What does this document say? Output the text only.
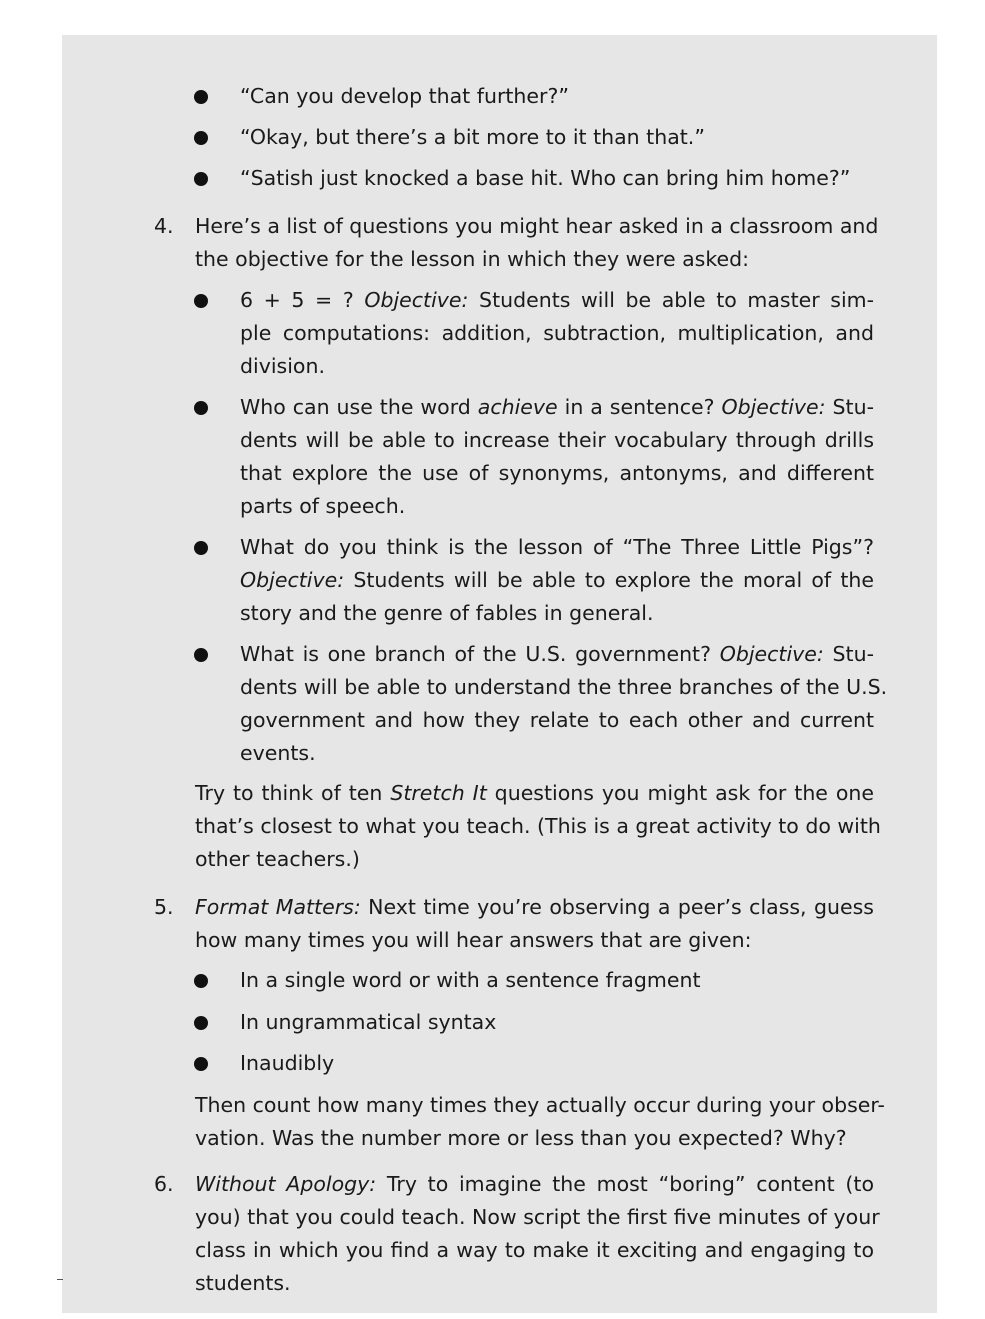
“Can you develop that further?”
“Okay, but there’s a bit more to it than that.”
“Satish just knocked a base hit. Who can bring him home?”
4. Here’s a list of questions you might hear asked in a classroom and
the objective for the lesson in which they were asked:
6 + 5 = ? Objective: Students will be able to master sim-
ple computations: addition, subtraction, multiplication, and
division.
Who can use the word achieve in a sentence? Objective: Stu-
dents will be able to increase their vocabulary through drills
that explore the use of synonyms, antonyms, and different
parts of speech.
What do you think is the lesson of “The Three Little Pigs”?
Objective: Students will be able to explore the moral of the
story and the genre of fables in general.
What is one branch of the U.S. government? Objective: Stu-
dents will be able to understand the three branches of the U.S.
government and how they relate to each other and current
events.
Try to think of ten Stretch It questions you might ask for the one
that’s closest to what you teach. (This is a great activity to do with
other teachers.)
5. Format Matters: Next time you’re observing a peer’s class, guess
how many times you will hear answers that are given:
In a single word or with a sentence fragment
In ungrammatical syntax
Inaudibly
Then count how many times they actually occur during your obser-
vation. Was the number more or less than you expected? Why?
6. Without Apology: Try to imagine the most “boring” content (to
you) that you could teach. Now script the first five minutes of your
class in which you find a way to make it exciting and engaging to
students.
